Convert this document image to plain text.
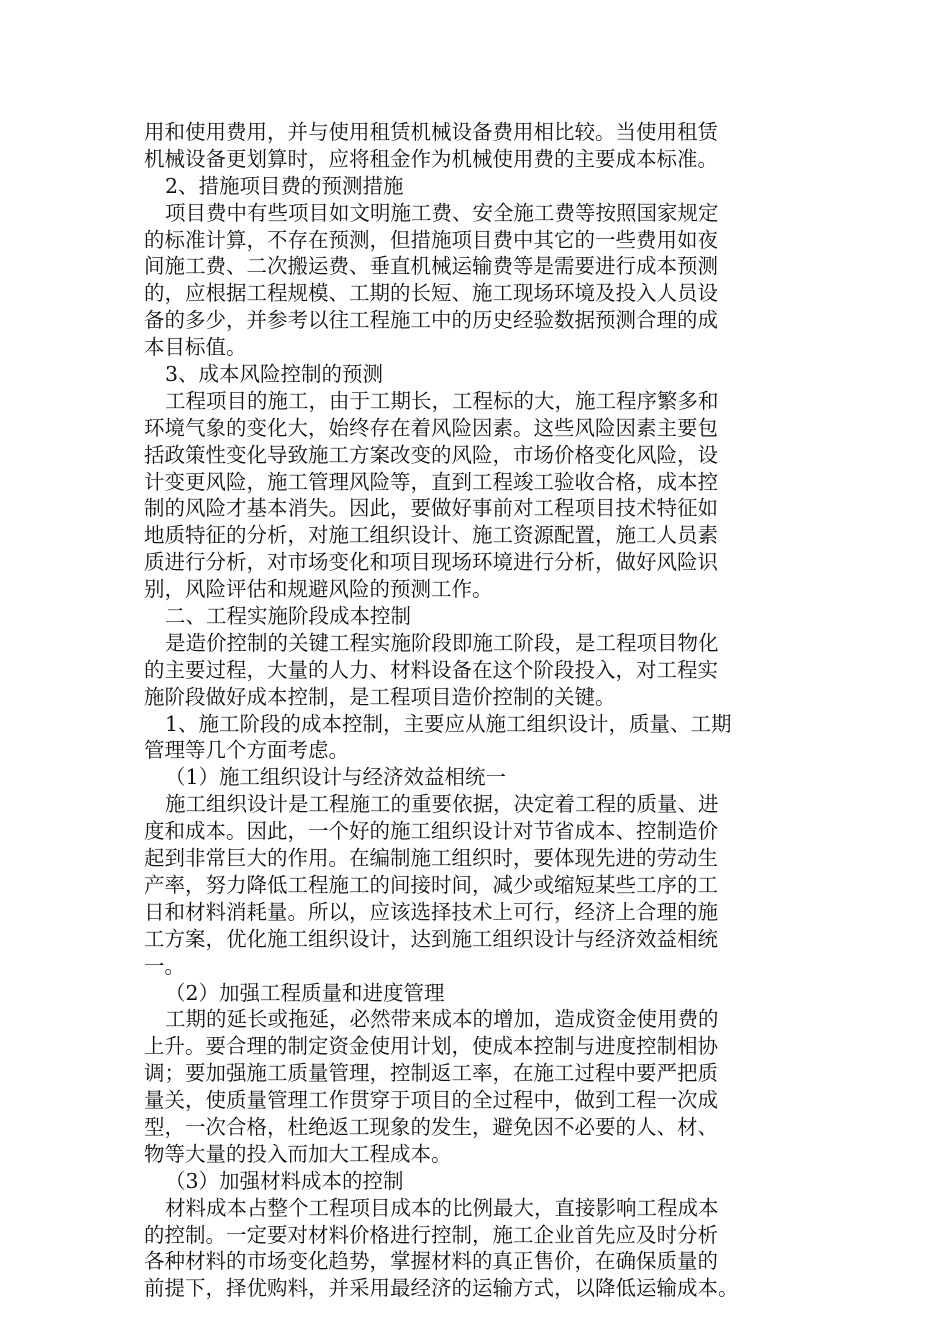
用和使用费用，并与使用租赁机械设备费用相比较。当使用租赁
机械设备更划算时，应将租金作为机械使用费的主要成本标准。
2、措施项目费的预测措施
项目费中有些项目如文明施工费、安全施工费等按照国家规定
的标准计算，不存在预测，但措施项目费中其它的一些费用如夜
间施工费、二次搬运费、垂直机械运输费等是需要进行成本预测
的，应根据工程规模、工期的长短、施工现场环境及投入人员设
备的多少，并参考以往工程施工中的历史经验数据预测合理的成
本目标值。
3、成本风险控制的预测
工程项目的施工，由于工期长，工程标的大，施工程序繁多和
环境气象的变化大，始终存在着风险因素。这些风险因素主要包
括政策性变化导致施工方案改变的风险，市场价格变化风险，设
计变更风险，施工管理风险等，直到工程竣工验收合格，成本控
制的风险才基本消失。因此，要做好事前对工程项目技术特征如
地质特征的分析，对施工组织设计、施工资源配置，施工人员素
质进行分析，对市场变化和项目现场环境进行分析，做好风险识
别，风险评估和规避风险的预测工作。
二、工程实施阶段成本控制
是造价控制的关键工程实施阶段即施工阶段，是工程项目物化
的主要过程，大量的人力、材料设备在这个阶段投入，对工程实
施阶段做好成本控制，是工程项目造价控制的关键。
1、施工阶段的成本控制，主要应从施工组织设计，质量、工期
管理等几个方面考虑。
（1）施工组织设计与经济效益相统一
施工组织设计是工程施工的重要依据，决定着工程的质量、进
度和成本。因此，一个好的施工组织设计对节省成本、控制造价
起到非常巨大的作用。在编制施工组织时，要体现先进的劳动生
产率，努力降低工程施工的间接时间，减少或缩短某些工序的工
日和材料消耗量。所以，应该选择技术上可行，经济上合理的施
工方案，优化施工组织设计，达到施工组织设计与经济效益相统
一。
（2）加强工程质量和进度管理
工期的延长或拖延，必然带来成本的增加，造成资金使用费的
上升。要合理的制定资金使用计划，使成本控制与进度控制相协
调；要加强施工质量管理，控制返工率，在施工过程中要严把质
量关，使质量管理工作贯穿于项目的全过程中，做到工程一次成
型，一次合格，杜绝返工现象的发生，避免因不必要的人、材、
物等大量的投入而加大工程成本。
（3）加强材料成本的控制
材料成本占整个工程项目成本的比例最大，直接影响工程成本
的控制。一定要对材料价格进行控制，施工企业首先应及时分析
各种材料的市场变化趋势，掌握材料的真正售价，在确保质量的
前提下，择优购料，并采用最经济的运输方式，以降低运输成本。
